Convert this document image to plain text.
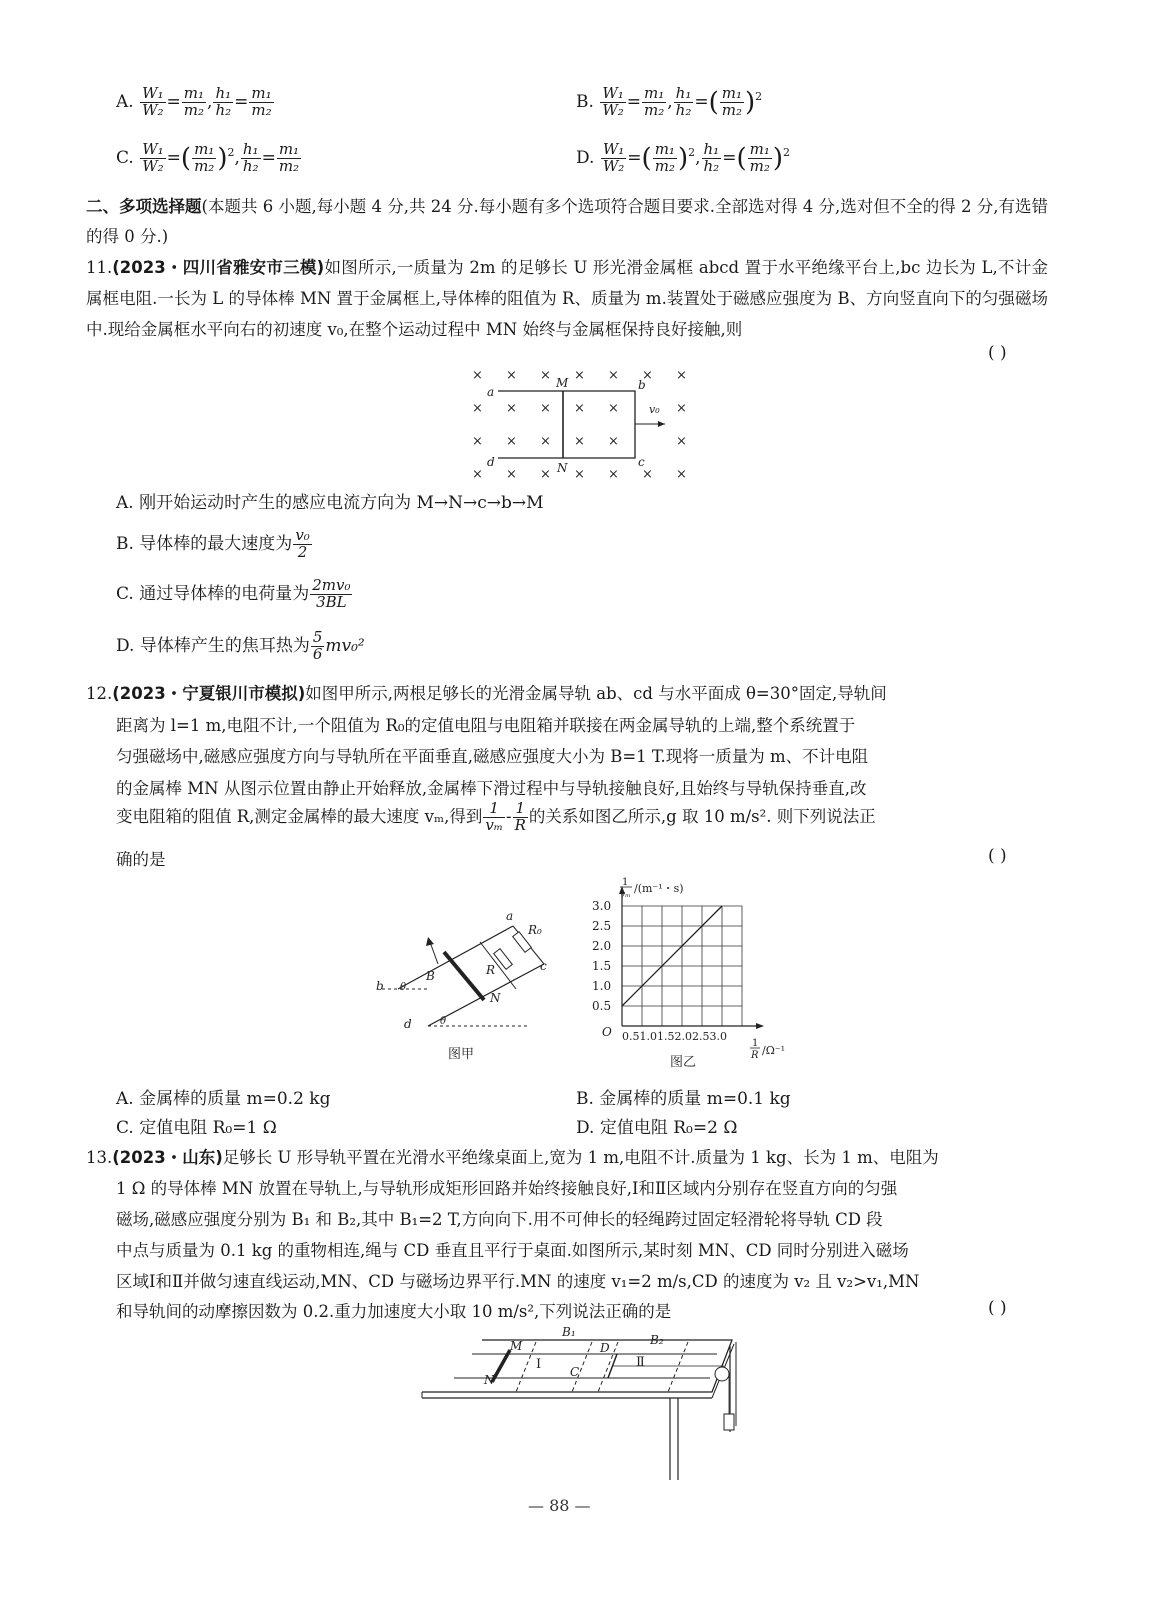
A. $\frac{\text{W₁}}{\text{W₂}} = \frac{\text{m₁}}{\text{m₂}}$ , $\frac{\text{h₁}}{\text{h₂}} = \frac{\text{m₁}}{\text{m₂}}$	B. $\frac{\text{W₁}}{\text{W₂}} = \frac{\text{m₁}}{\text{m₂}}$ , $\frac{\text{h₁}}{\text{h₂}}$ =( $\frac{\text{m₁}}{\text{m₂}} )^2$
C. $\frac{\text{W₁}}{\text{W₂}}$ =( $\frac{\text{m₁}}{\text{m₂}} )^2$, $\frac{\text{h₁}}{\text{h₂}} = \frac{\text{m₁}}{\text{m₂}}$	D. $\frac{\text{W₁}}{\text{W₂}}$ =( $\frac{\text{m₁}}{\text{m₂}} )^2$, $\frac{\text{h₁}}{\text{h₂}}$ =( $\frac{\text{m₁}}{\text{m₂}} )^2$
二、多项选择题(本题共 6 小题,每小题 4 分,共 24 分.每小题有多个选项符合题目要求.全部选对得 4 分,选对但不全的得 2 分,有选错的得 0 分.)
11.(2023・四川省雅安市三模)如图所示,一质量为 2m 的足够长 U 形光滑金属框 abcd 置于水平绝缘平台上,bc 边长为 L,不计金属框电阻.一长为 L 的导体棒 MN 置于金属框上,导体棒的阻值为 R、质量为 m.装置处于磁感应强度为 B、方向竖直向下的匀强磁场中.现给金属框水平向右的初速度 v₀,在整个运动过程中 MN 始终与金属框保持良好接触,则
( )
× × × × × × ×
× × × × ×	×
× × × × ×	×
× × × × × × ×
a	b
c
d
M
N
v₀
A. 刚开始运动时产生的感应电流方向为 M→N→c→b→M
B. 导体棒的最大速度为 $\frac{\text{v₀}}{2}$
C. 通过导体棒的电荷量为 $\frac{\text{2mv₀}}{3BL}$
D. 导体棒产生的焦耳热为 $\frac{5}{6} mv_0^2$
12.(2023・宁夏银川市模拟)如图甲所示,两根足够长的光滑金属导轨 ab、cd 与水平面成 θ=30°固定,导轨间
距离为 l=1 m,电阻不计,一个阻值为 R₀的定值电阻与电阻箱并联接在两金属导轨的上端,整个系统置于
匀强磁场中,磁感应强度方向与导轨所在平面垂直,磁感应强度大小为 B=1 T.现将一质量为 m、不计电阻
的金属棒 MN 从图示位置由静止开始释放,金属棒下滑过程中与导轨接触良好,且始终与导轨保持垂直,改
变电阻箱的阻值 R,测定金属棒的最大速度 vₘ,得到 $\frac{1}{\text{vₘ}} - \frac{1}{R}$ 的关系如图乙所示,g 取 10 m/s². 则下列说法正
确的是	( )
a
b
c
d
B	R
R₀
N
θ
θ
图甲
0.5
1.0
1.5
2.0
2.5
3.0
O 0.51.01.52.02.53.0
1
vₘ /(m⁻¹・s)
1
R /Ω⁻¹
图乙
A. 金属棒的质量 m=0.2 kg	B. 金属棒的质量 m=0.1 kg
C. 定值电阻 R₀=1 Ω	D. 定值电阻 R₀=2 Ω
13.(2023・山东)足够长 U 形导轨平置在光滑水平绝缘桌面上,宽为 1 m,电阻不计.质量为 1 kg、长为 1 m、电阻为
1 Ω 的导体棒 MN 放置在导轨上,与导轨形成矩形回路并始终接触良好,Ⅰ和Ⅱ区域内分别存在竖直方向的匀强
磁场,磁感应强度分别为 B₁ 和 B₂,其中 B₁=2 T,方向向下.用不可伸长的轻绳跨过固定轻滑轮将导轨 CD 段
中点与质量为 0.1 kg 的重物相连,绳与 CD 垂直且平行于桌面.如图所示,某时刻 MN、CD 同时分别进入磁场
区域Ⅰ和Ⅱ并做匀速直线运动,MN、CD 与磁场边界平行.MN 的速度 v₁=2 m/s,CD 的速度为 v₂ 且 v₂>v₁,MN
和导轨间的动摩擦因数为 0.2.重力加速度大小取 10 m/s²,下列说法正确的是	( )
B₁
B₂
M
N
D
C
Ⅰ	Ⅱ
— 88 —
